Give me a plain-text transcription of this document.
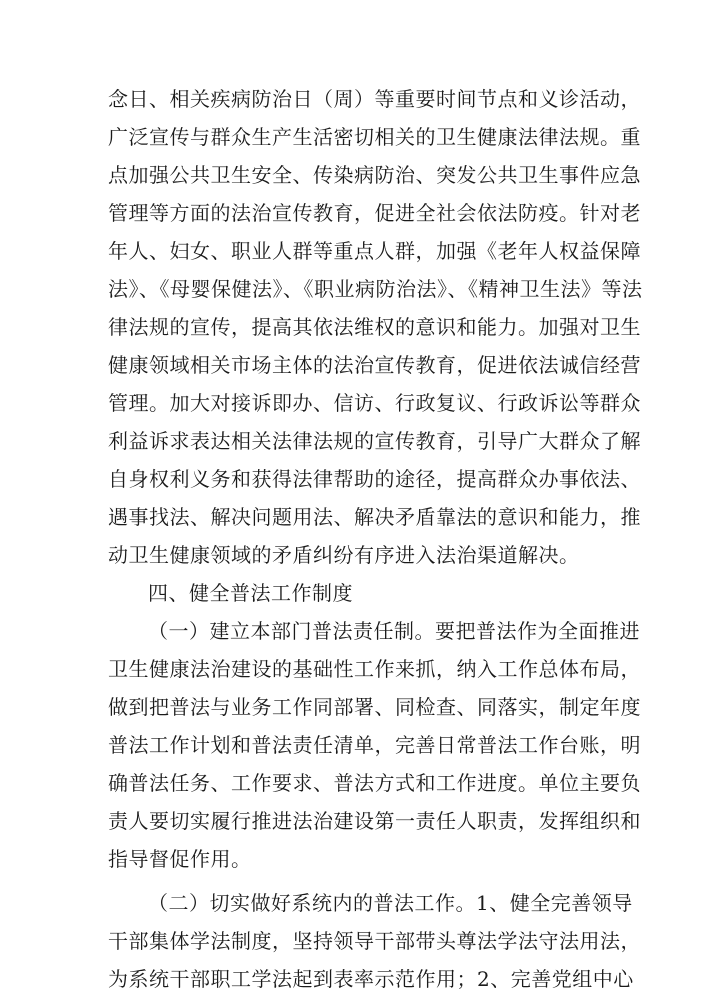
念日、相关疾病防治日（周）等重要时间节点和义诊活动，
广泛宣传与群众生产生活密切相关的卫生健康法律法规。重
点加强公共卫生安全、传染病防治、突发公共卫生事件应急
管理等方面的法治宣传教育，促进全社会依法防疫。针对老
年人、妇女、职业人群等重点人群，加强《老年人权益保障
法》、《母婴保健法》、《职业病防治法》、《精神卫生法》等法
律法规的宣传，提高其依法维权的意识和能力。加强对卫生
健康领域相关市场主体的法治宣传教育，促进依法诚信经营
管理。加大对接诉即办、信访、行政复议、行政诉讼等群众
利益诉求表达相关法律法规的宣传教育，引导广大群众了解
自身权利义务和获得法律帮助的途径，提高群众办事依法、
遇事找法、解决问题用法、解决矛盾靠法的意识和能力，推
动卫生健康领域的矛盾纠纷有序进入法治渠道解决。
四、健全普法工作制度
（一）建立本部门普法责任制。要把普法作为全面推进
卫生健康法治建设的基础性工作来抓，纳入工作总体布局，
做到把普法与业务工作同部署、同检查、同落实，制定年度
普法工作计划和普法责任清单，完善日常普法工作台账，明
确普法任务、工作要求、普法方式和工作进度。单位主要负
责人要切实履行推进法治建设第一责任人职责，发挥组织和
指导督促作用。
（二）切实做好系统内的普法工作。1、健全完善领导
干部集体学法制度，坚持领导干部带头尊法学法守法用法，
为系统干部职工学法起到表率示范作用；2、完善党组中心
